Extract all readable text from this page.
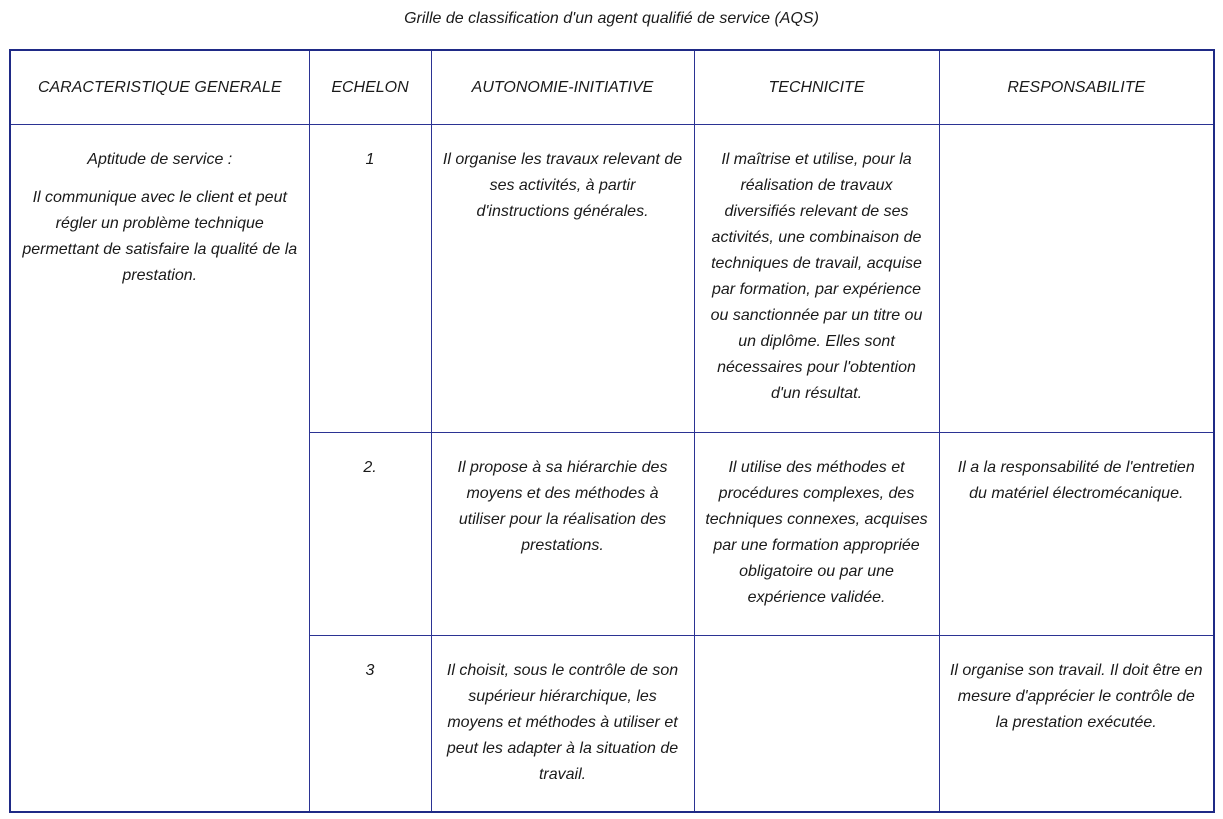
Grille de classification d'un agent qualifié de service (AQS)
CARACTERISTIQUE GENERALE	ECHELON	AUTONOMIE-INITIATIVE	TECHNICITE	RESPONSABILITE

Aptitude de service :
Il communique avec le client et peut régler un problème technique permettant de satisfaire la qualité de la prestation.	1	Il organise les travaux relevant de ses activités, à partir d'instructions générales.	Il maîtrise et utilise, pour la réalisation de travaux diversifiés relevant de ses activités, une combinaison de techniques de travail, acquise par formation, par expérience ou sanctionnée par un titre ou un diplôme. Elles sont nécessaires pour l'obtention d'un résultat.	
	2.	Il propose à sa hiérarchie des moyens et des méthodes à utiliser pour la réalisation des prestations.	Il utilise des méthodes et procédures complexes, des techniques connexes, acquises par une formation appropriée obligatoire ou par une expérience validée.	Il a la responsabilité de l'entretien du matériel électromécanique.
	3	Il choisit, sous le contrôle de son supérieur hiérarchique, les moyens et méthodes à utiliser et peut les adapter à la situation de travail.		Il organise son travail. Il doit être en mesure d'apprécier le contrôle de la prestation exécutée.
